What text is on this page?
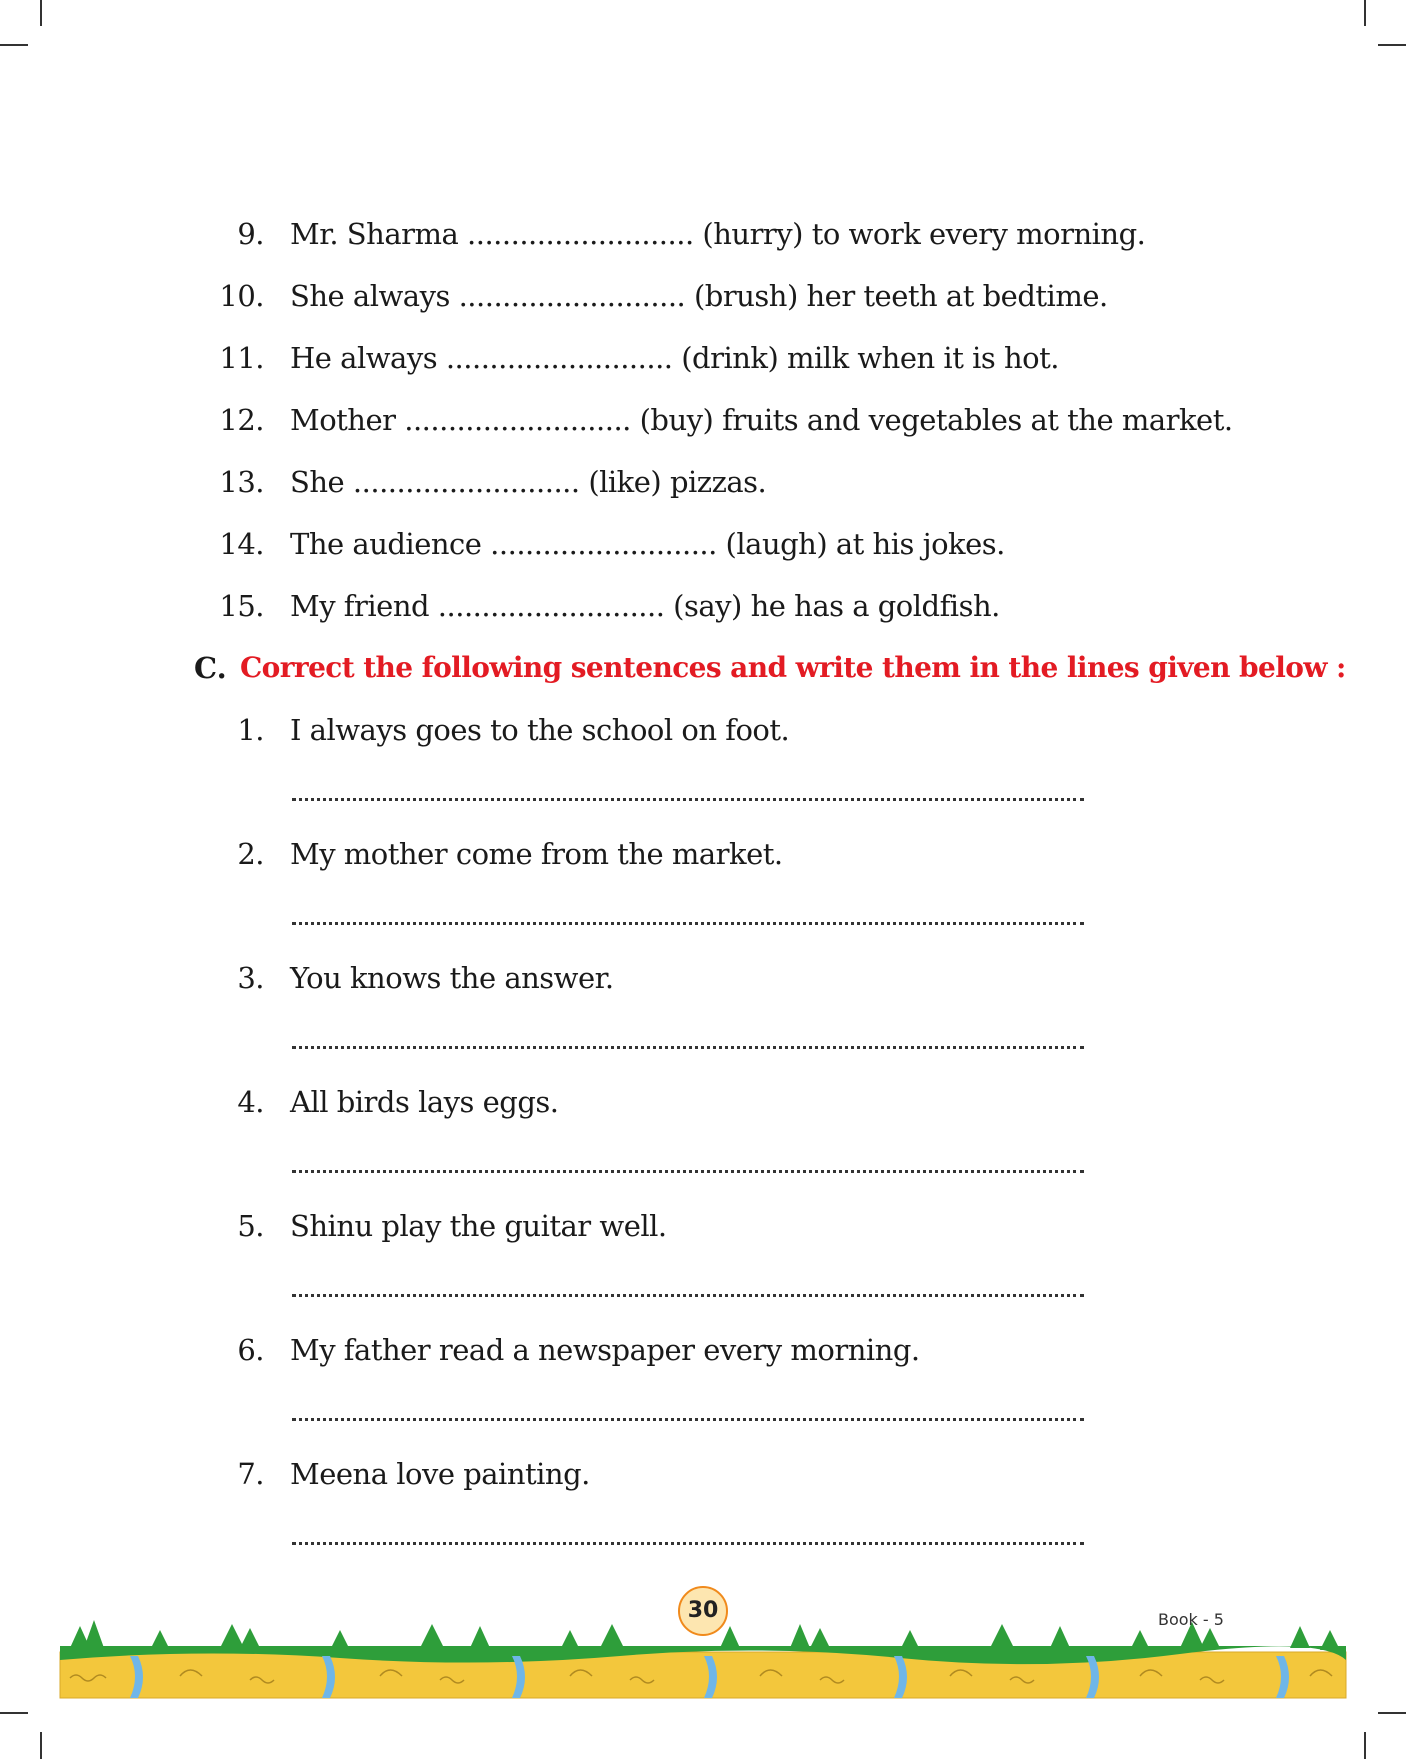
9. Mr. Sharma .......................... (hurry) to work every morning.
10. She always .......................... (brush) her teeth at bedtime.
11. He always .......................... (drink) milk when it is hot.
12. Mother .......................... (buy) fruits and vegetables at the market.
13. She .......................... (like) pizzas.
14. The audience .......................... (laugh) at his jokes.
15. My friend .......................... (say) he has a goldfish.
C. Correct the following sentences and write them in the lines given below :
1. I always goes to the school on foot.
2. My mother come from the market.
3. You knows the answer.
4. All birds lays eggs.
5. Shinu play the guitar well.
6. My father read a newspaper every morning.
7. Meena love painting.
30	Book - 5
